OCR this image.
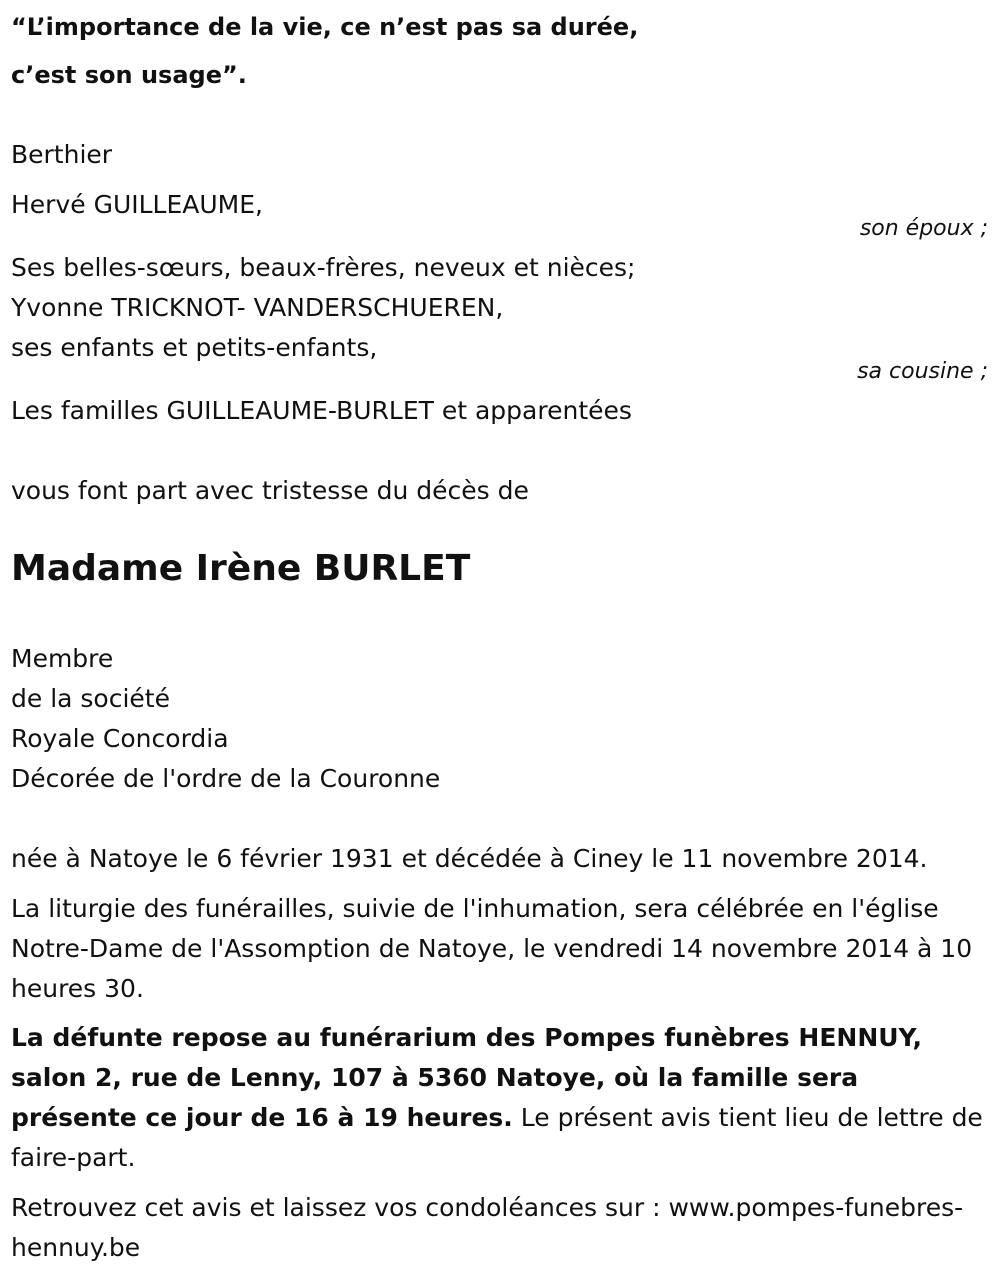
“L’importance de la vie, ce n’est pas sa durée,
c’est son usage”.
Berthier
Hervé GUILLEAUME,
son époux ;
Ses belles-sœurs, beaux-frères, neveux et nièces;
Yvonne TRICKNOT- VANDERSCHUEREN,
ses enfants et petits-enfants,
sa cousine ;
Les familles GUILLEAUME-BURLET et apparentées
vous font part avec tristesse du décès de
Madame Irène BURLET
Membre
de la société
Royale Concordia
Décorée de l'ordre de la Couronne
née à Natoye le 6 février 1931 et décédée à Ciney le 11 novembre 2014.
La liturgie des funérailles, suivie de l'inhumation, sera célébrée en l'église Notre-Dame de l'Assomption de Natoye, le vendredi 14 novembre 2014 à 10 heures 30.
La défunte repose au funérarium des Pompes funèbres HENNUY, salon 2, rue de Lenny, 107 à 5360 Natoye, où la famille sera présente ce jour de 16 à 19 heures. Le présent avis tient lieu de lettre de faire-part.
Retrouvez cet avis et laissez vos condoléances sur : www.pompes-funebres-hennuy.be
